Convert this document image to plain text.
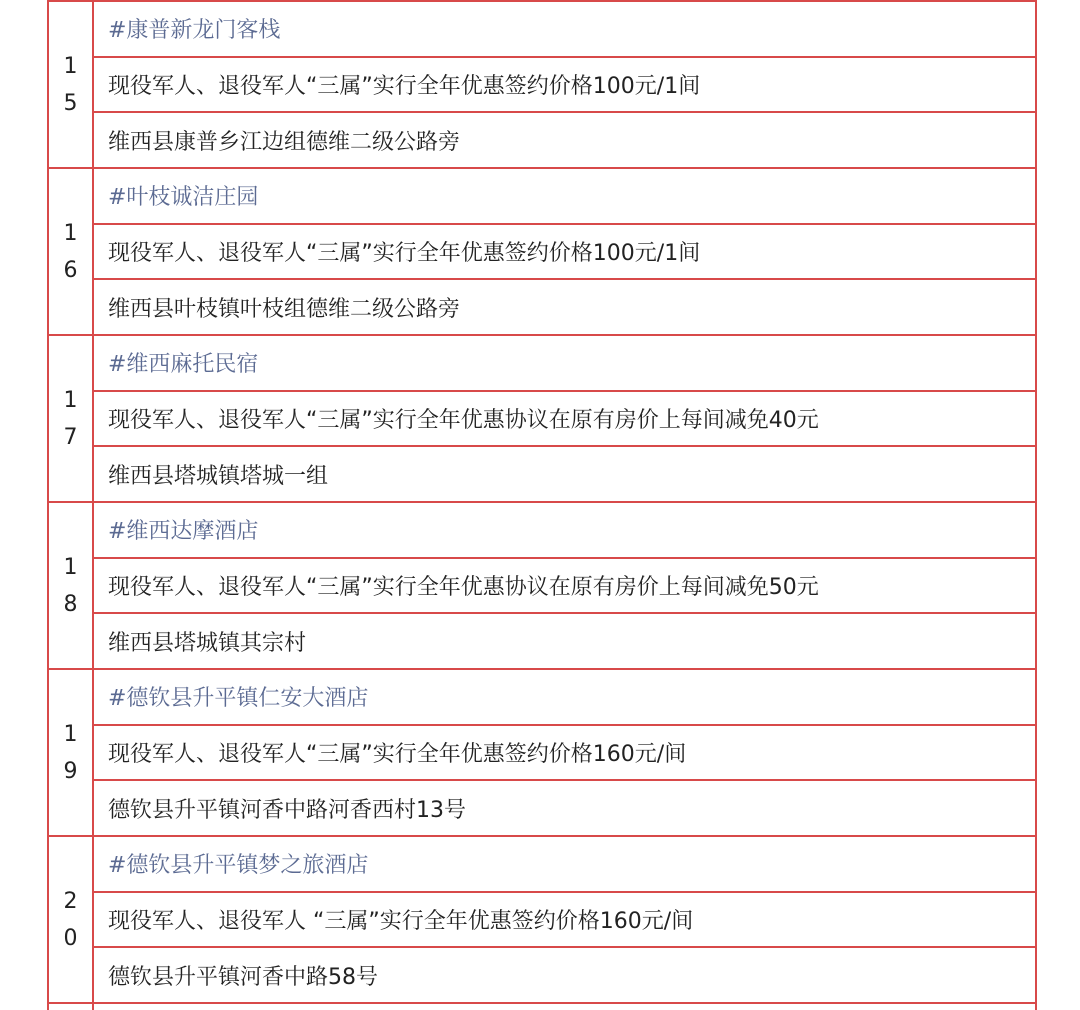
15
#康普新龙门客栈
现役军人、退役军人“三属”实行全年优惠签约价格100元/1间
维西县康普乡江边组德维二级公路旁
16
#叶枝诚洁庄园
现役军人、退役军人“三属”实行全年优惠签约价格100元/1间
维西县叶枝镇叶枝组德维二级公路旁
17
#维西麻托民宿
现役军人、退役军人“三属”实行全年优惠协议在原有房价上每间减免40元
维西县塔城镇塔城一组
18
#维西达摩酒店
现役军人、退役军人“三属”实行全年优惠协议在原有房价上每间减免50元
维西县塔城镇其宗村
19
#德钦县升平镇仁安大酒店
现役军人、退役军人“三属”实行全年优惠签约价格160元/间
德钦县升平镇河香中路河香西村13号
20
#德钦县升平镇梦之旅酒店
现役军人、退役军人 “三属”实行全年优惠签约价格160元/间
德钦县升平镇河香中路58号
